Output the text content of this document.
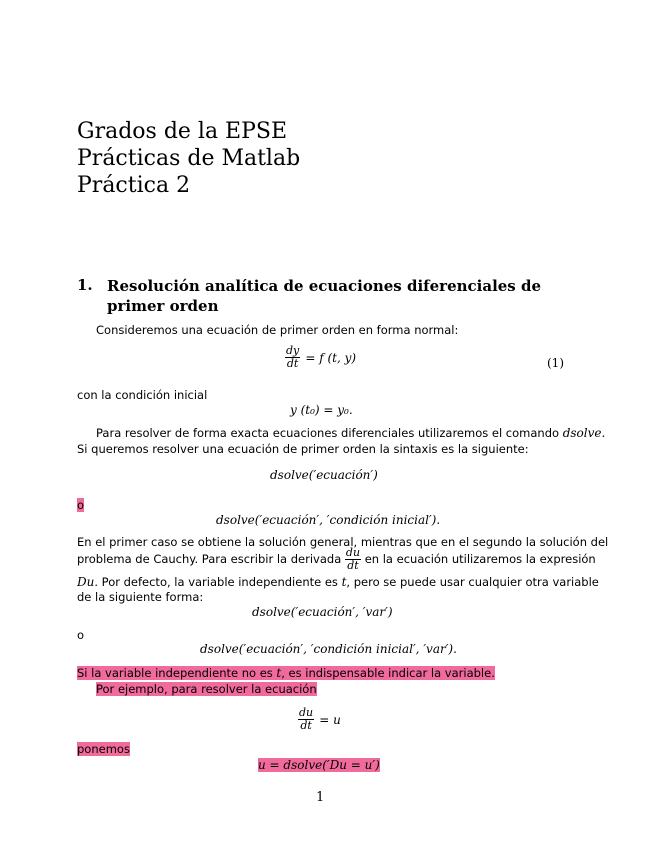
Grados de la EPSE
Prácticas de Matlab
Práctica 2
1. Resolución analítica de ecuaciones diferenciales de primer orden
Consideremos una ecuación de primer orden en forma normal:
$\frac{dy}{dt} = f$ (t, y)	(1)
con la condición inicial
y (t₀) = y₀.
Para resolver de forma exacta ecuaciones diferenciales utilizaremos el comando dsolve.
Si queremos resolver una ecuación de primer orden la sintaxis es la siguiente:
dsolve(′ecuación′)
o
dsolve(′ecuación′, ′condición inicial′).
En el primer caso se obtiene la solución general, mientras que en el segundo la solución del
problema de Cauchy. Para escribir la derivada $\frac{du}{dt}$ en la ecuación utilizaremos la expresión
Du. Por defecto, la variable independiente es t, pero se puede usar cualquier otra variable
de la siguiente forma:
dsolve(′ecuación′, ′var′)
o
dsolve(′ecuación′, ′condición inicial′, ′var′).
Si la variable independiente no es t, es indispensable indicar la variable.
Por ejemplo, para resolver la ecuación
$\frac{du}{dt} = u$
ponemos
u = dsolve(′Du = u′)
1
